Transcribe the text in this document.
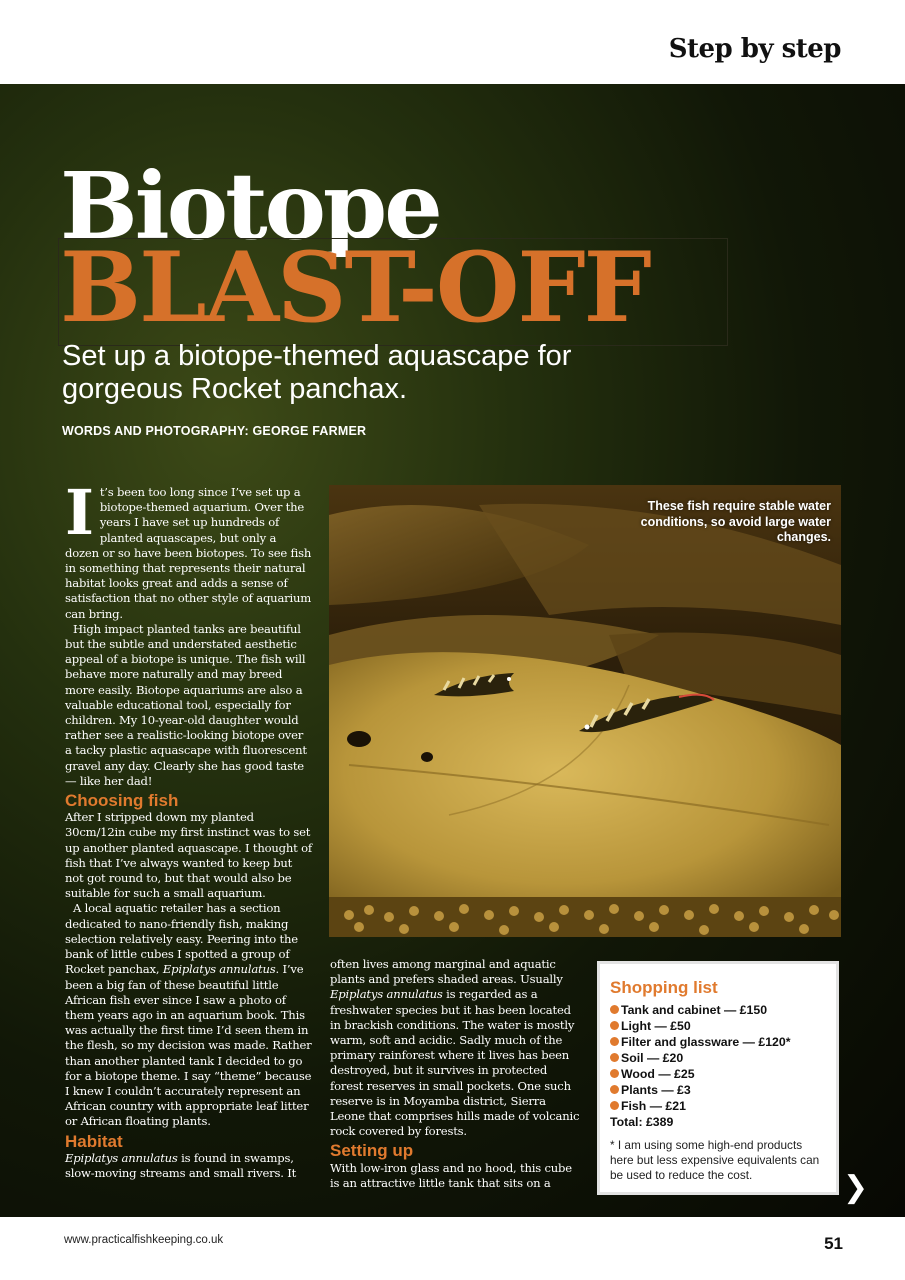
Step by step
Biotope
BLAST-OFF
Set up a biotope-themed aquascape for gorgeous Rocket panchax.
WORDS AND PHOTOGRAPHY: GEORGE FARMER

It’s been too long since I’ve set up a biotope-themed aquarium. Over the years I have set up hundreds of planted aquascapes, but only a dozen or so have been biotopes. To see fish in something that represents their natural habitat looks great and adds a sense of satisfaction that no other style of aquarium can bring.

High impact planted tanks are beautiful but the subtle and understated aesthetic appeal of a biotope is unique. The fish will behave more naturally and may breed more easily. Biotope aquariums are also a valuable educational tool, especially for children. My 10-year-old daughter would rather see a realistic-looking biotope over a tacky plastic aquascape with fluorescent gravel any day. Clearly she has good taste — like her dad!

Choosing fish

After I stripped down my planted 30cm/12in cube my first instinct was to set up another planted aquascape. I thought of fish that I’ve always wanted to keep but not got round to, but that would also be suitable for such a small aquarium.

A local aquatic retailer has a section dedicated to nano-friendly fish, making selection relatively easy. Peering into the bank of little cubes I spotted a group of Rocket panchax, Epiplatys annulatus. I’ve been a big fan of these beautiful little African fish ever since I saw a photo of them years ago in an aquarium book. This was actually the first time I’d seen them in the flesh, so my decision was made. Rather than another planted tank I decided to go for a biotope theme. I say “theme” because I knew I couldn’t accurately represent an African country with appropriate leaf litter or African floating plants.

Habitat

Epiplatys annulatus is found in swamps, slow-moving streams and small rivers. It

These fish require stable water conditions, so avoid large water changes.

often lives among marginal and aquatic plants and prefers shaded areas. Usually Epiplatys annulatus is regarded as a freshwater species but it has been located in brackish conditions. The water is mostly warm, soft and acidic. Sadly much of the primary rainforest where it lives has been destroyed, but it survives in protected forest reserves in small pockets. One such reserve is in Moyamba district, Sierra Leone that comprises hills made of volcanic rock covered by forests.

Setting up

With low-iron glass and no hood, this cube is an attractive little tank that sits on a

Shopping list
Tank and cabinet — £150
Light — £50
Filter and glassware — £120*
Soil — £20
Wood — £25
Plants — £3
Fish — £21
Total: £389
* I am using some high-end products here but less expensive equivalents can be used to reduce the cost.	❯
www.practicalfishkeeping.co.uk	51
